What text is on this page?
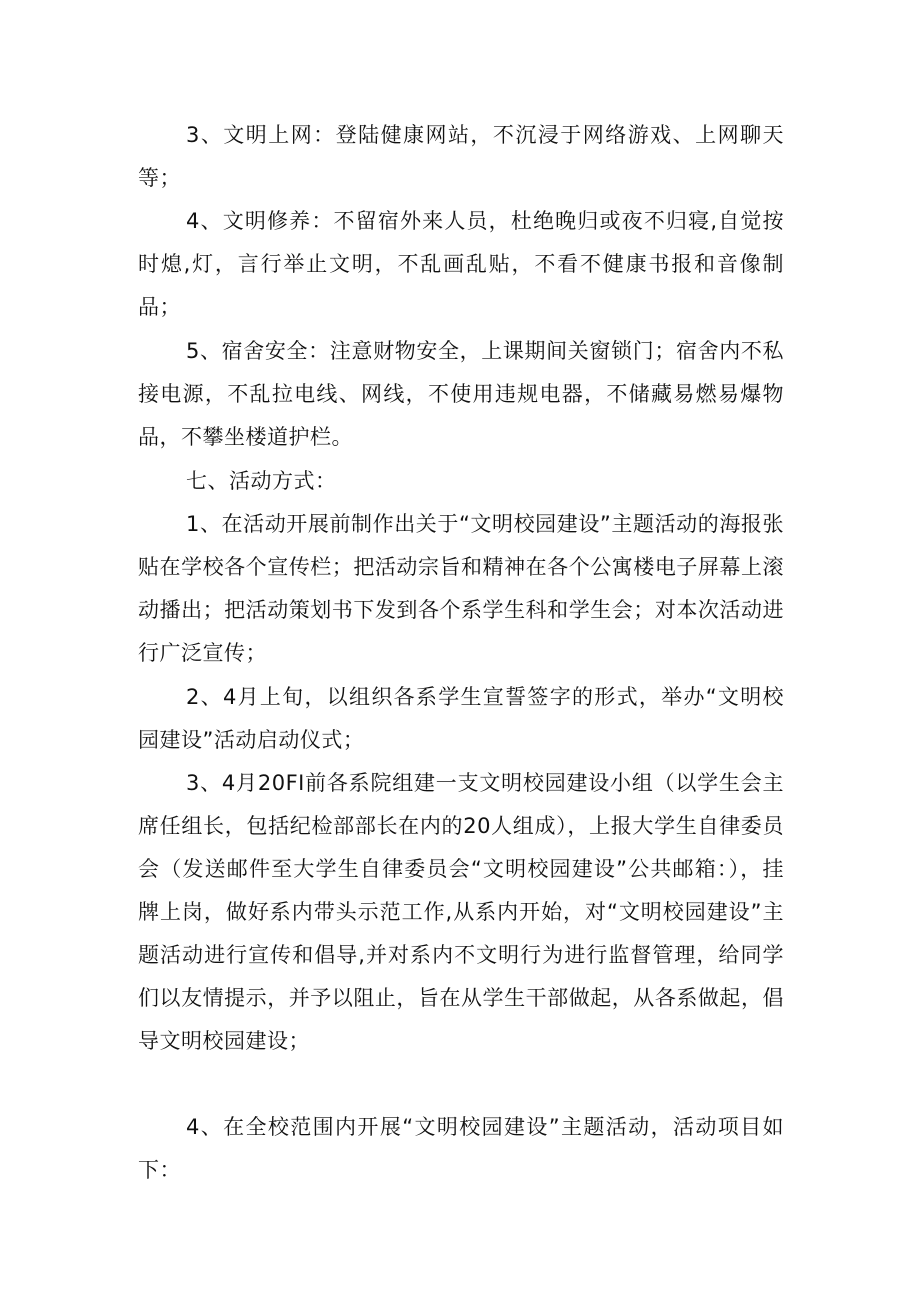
3、文明上网：登陆健康网站，不沉浸于网络游戏、上网聊天等；

4、文明修养：不留宿外来人员，杜绝晚归或夜不归寝,自觉按时熄,灯，言行举止文明，不乱画乱贴，不看不健康书报和音像制品；

5、宿舍安全：注意财物安全，上课期间关窗锁门；宿舍内不私接电源，不乱拉电线、网线，不使用违规电器，不储藏易燃易爆物品，不攀坐楼道护栏。

七、活动方式：

1、在活动开展前制作出关于“文明校园建设”主题活动的海报张贴在学校各个宣传栏；把活动宗旨和精神在各个公寓楼电子屏幕上滚动播出；把活动策划书下发到各个系学生科和学生会；对本次活动进行广泛宣传；

2、4月上旬，以组织各系学生宣誓签字的形式，举办“文明校园建设”活动启动仪式；

3、4月20FI前各系院组建一支文明校园建设小组（以学生会主席任组长，包括纪检部部长在内的20人组成），上报大学生自律委员会（发送邮件至大学生自律委员会“文明校园建设”公共邮箱：），挂牌上岗，做好系内带头示范工作,从系内开始，对“文明校园建设”主题活动进行宣传和倡导,并对系内不文明行为进行监督管理，给同学们以友情提示，并予以阻止，旨在从学生干部做起，从各系做起，倡导文明校园建设；

4、在全校范围内开展“文明校园建设”主题活动，活动项目如下：
